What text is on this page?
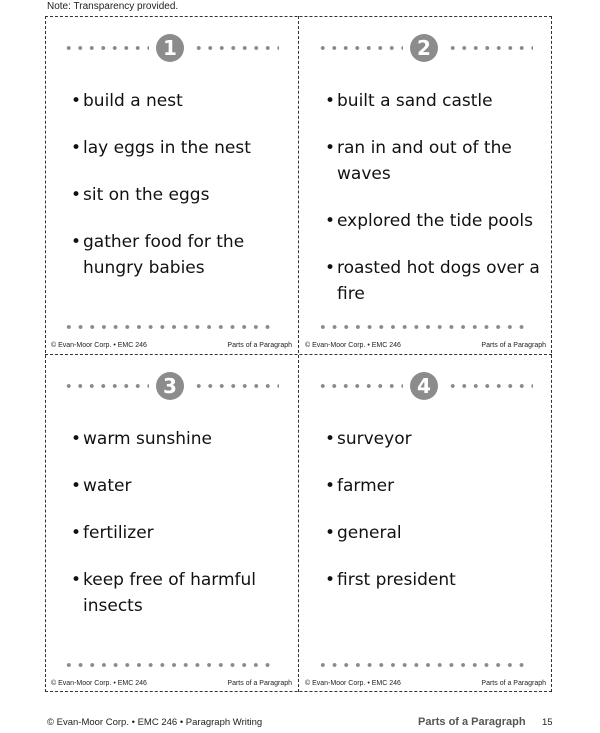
Note: Transparency provided.
1
• build a nest
• lay eggs in the nest
• sit on the eggs
• gather food for the hungry babies
© Evan-Moor Corp. • EMC 246	Parts of a Paragraph
2
• built a sand castle
• ran in and out of the waves
• explored the tide pools
• roasted hot dogs over a fire
© Evan-Moor Corp. • EMC 246	Parts of a Paragraph
3
• warm sunshine
• water
• fertilizer
• keep free of harmful insects
© Evan-Moor Corp. • EMC 246	Parts of a Paragraph
4
• surveyor
• farmer
• general
• first president
© Evan-Moor Corp. • EMC 246	Parts of a Paragraph
© Evan-Moor Corp. • EMC 246 • Paragraph Writing	Parts of a Paragraph 15
